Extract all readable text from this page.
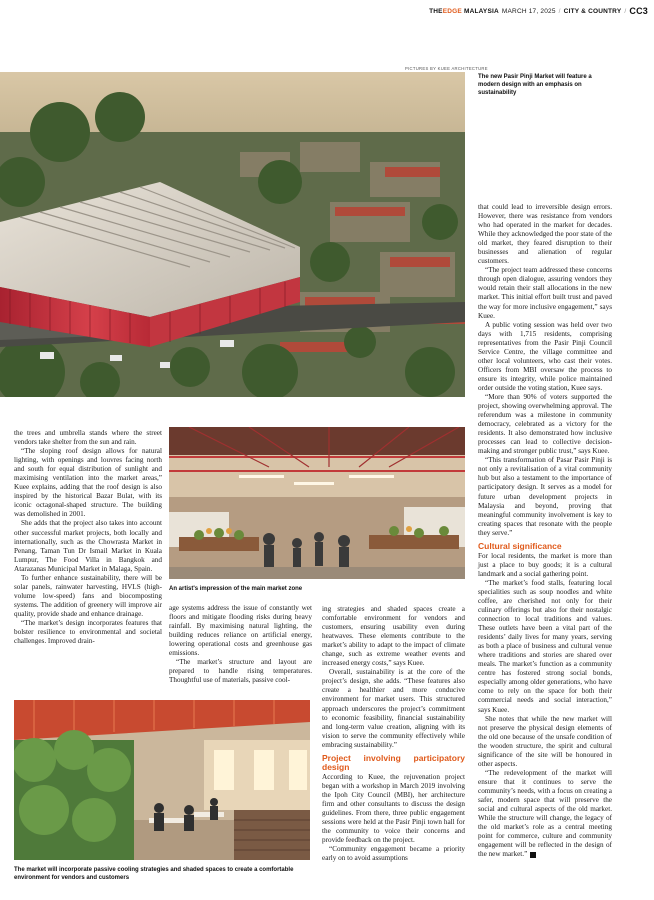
THEEDGE MALAYSIA MARCH 17, 2025 / CITY & COUNTRY / CC3
PICTURES BY KUEE ARCHITECTURE
The new Pasir Pinji Market will feature a modern design with an emphasis on sustainability

the trees and umbrella stands where the street vendors take shelter from the sun and rain.

“The sloping roof design allows for natural lighting, with openings and louvres facing north and south for equal distribution of sunlight and maximising ventilation into the market areas,” Kuee explains, adding that the roof design is also inspired by the historical Bazar Bulat, with its iconic octagonal-shaped structure. The building was demolished in 2001.

She adds that the project also takes into account other successful market projects, both locally and internationally, such as the Chowrasta Market in Penang, Taman Tun Dr Ismail Market in Kuala Lumpur, The Food Villa in Bangkok and Atarazanas Municipal Market in Malaga, Spain.

To further enhance sustainability, there will be solar panels, rainwater harvesting, HVLS (high-volume low-speed) fans and biocomposting systems. The addition of greenery will improve air quality, provide shade and enhance drainage.

“The market’s design incorporates features that bolster resilience to environmental and societal challenges. Improved drain-

An artist's impression of the main market zone

age systems address the issue of constantly wet floors and mitigate flooding risks during heavy rainfall. By maximising natural lighting, the building reduces reliance on artificial energy, lowering operational costs and greenhouse gas emissions.

“The market’s structure and layout are prepared to handle rising temperatures. Thoughtful use of materials, passive cool-

ing strategies and shaded spaces create a comfortable environment for vendors and customers, ensuring usability even during heatwaves. These elements contribute to the market’s ability to adapt to the impact of climate change, such as extreme weather events and increased energy costs,” says Kuee.

Overall, sustainability is at the core of the project’s design, she adds. “These features also create a healthier and more conducive environment for market users. This structured approach underscores the project’s commitment to economic feasibility, financial sustainability and long-term value creation, aligning with its vision to serve the community effectively while embracing sustainability.”

Project involving participatory design

According to Kuee, the rejuvenation project began with a workshop in March 2019 involving the Ipoh City Council (MBI), her architecture firm and other consultants to discuss the design guidelines. From there, three public engagement sessions were held at the Pasir Pinji town hall for the community to voice their concerns and provide feedback on the project.

“Community engagement became a priority early on to avoid assumptions

The market will incorporate passive cooling strategies and shaded spaces to create a comfortable environment for vendors and customers

that could lead to irreversible design errors. However, there was resistance from vendors who had operated in the market for decades. While they acknowledged the poor state of the old market, they feared disruption to their businesses and alienation of regular customers.

“The project team addressed these concerns through open dialogue, assuring vendors they would retain their stall allocations in the new market. This initial effort built trust and paved the way for more inclusive engagement,” says Kuee.

A public voting session was held over two days with 1,715 residents, comprising representatives from the Pasir Pinji Council Service Centre, the village committee and other local volunteers, who cast their votes. Officers from MBI oversaw the process to ensure its integrity, while police maintained order outside the voting station, Kuee says.

“More than 90% of voters supported the project, showing overwhelming approval. The referendum was a milestone in community democracy, celebrated as a victory for the residents. It also demonstrated how inclusive processes can lead to collective decision-making and stronger public trust,” says Kuee.

“This transformation of Pasar Pasir Pinji is not only a revitalisation of a vital community hub but also a testament to the importance of participatory design. It serves as a model for future urban development projects in Malaysia and beyond, proving that meaningful community involvement is key to creating spaces that resonate with the people they serve.”

Cultural significance

For local residents, the market is more than just a place to buy goods; it is a cultural landmark and a social gathering point.

“The market’s food stalls, featuring local specialities such as soup noodles and white coffee, are cherished not only for their culinary offerings but also for their nostalgic connection to local traditions and values. These outlets have been a vital part of the residents’ daily lives for many years, serving as both a place of business and cultural venue where traditions and stories are shared over meals. The market’s function as a community centre has fostered strong social bonds, especially among older generations, who have come to rely on the space for both their commercial needs and social interaction,” says Kuee.

She notes that while the new market will not preserve the physical design elements of the old one because of the unsafe condition of the wooden structure, the spirit and cultural significance of the site will be honoured in other aspects.

“The redevelopment of the market will ensure that it continues to serve the community’s needs, with a focus on creating a safer, modern space that will preserve the social and cultural aspects of the old market. While the structure will change, the legacy of the old market’s role as a central meeting point for commerce, culture and community engagement will be reflected in the design of the new market.” E
